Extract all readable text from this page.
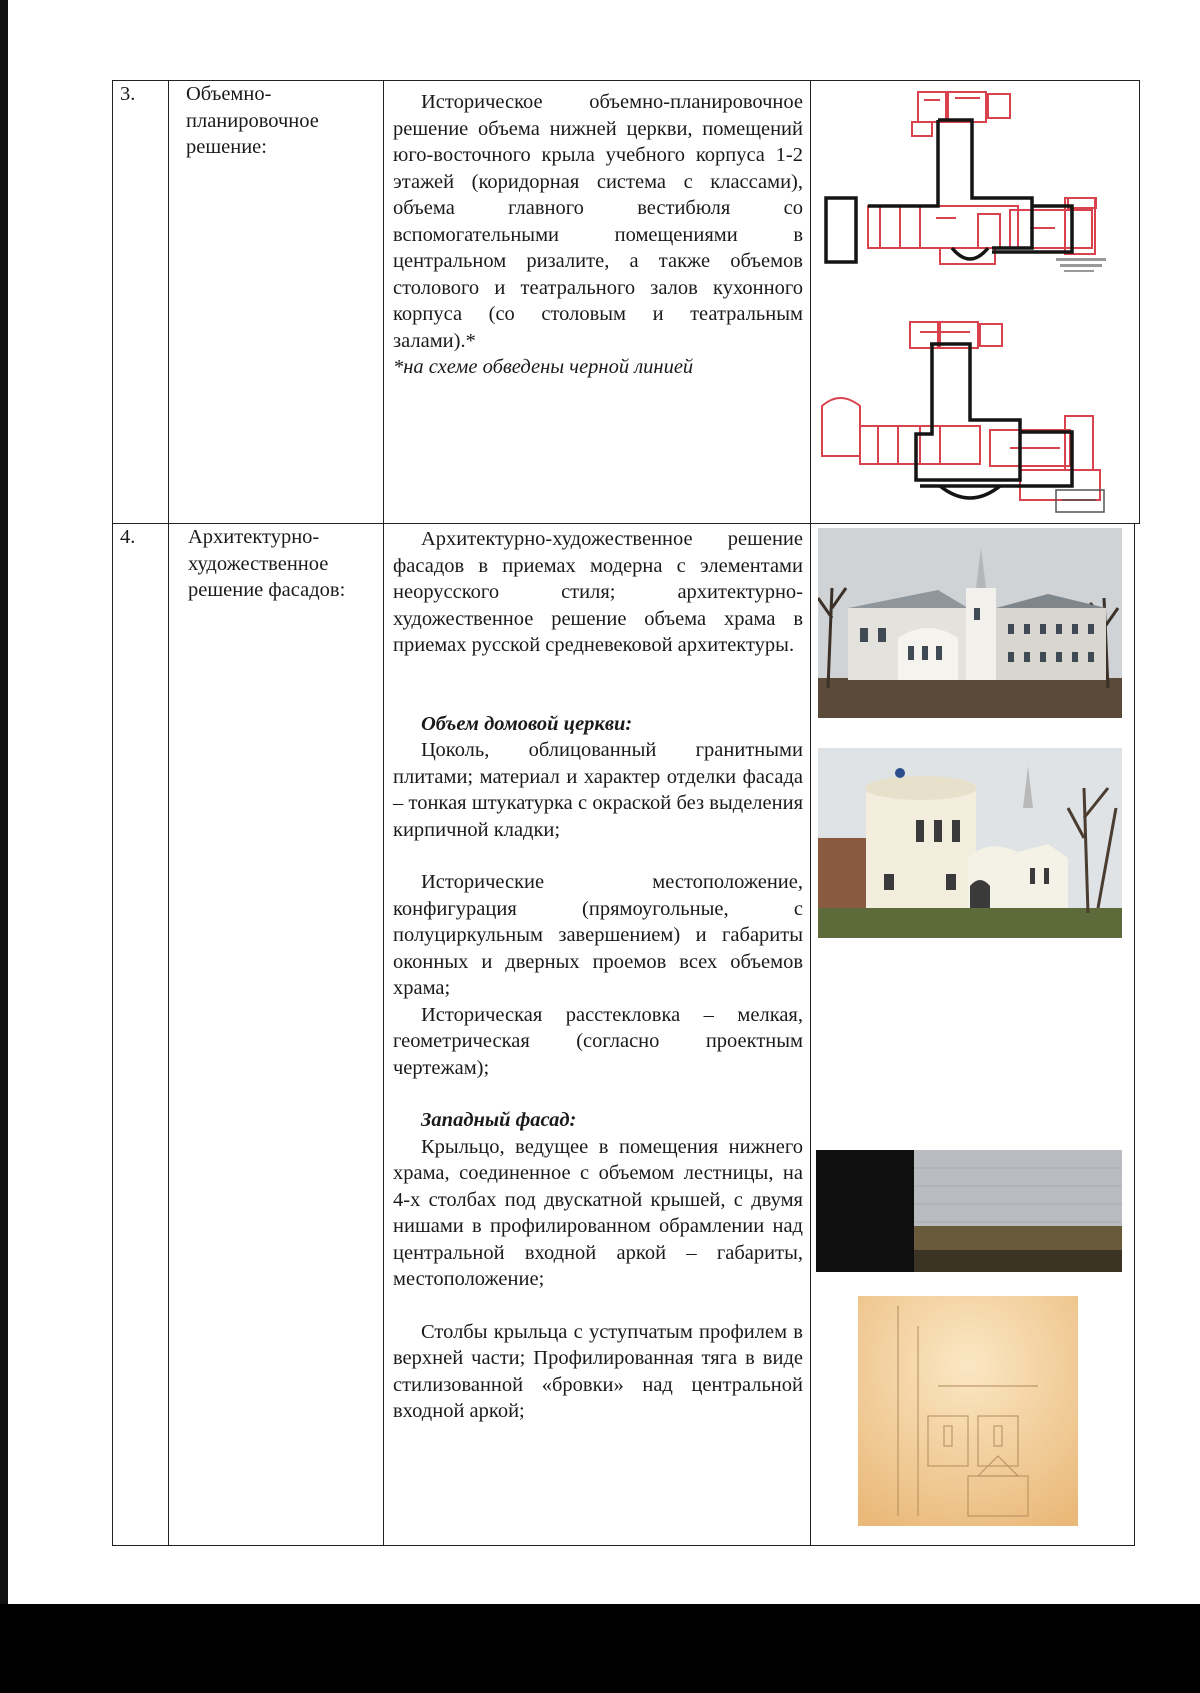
3.	Объемно-планировочное решение:

Историческое объемно-планировочное решение объема нижней церкви, помещений юго-восточного крыла учебного корпуса 1-2 этажей (коридорная система с классами), объема главного вестибюля со вспомогательными помещениями в центральном ризалите, а также объемов столового и театрального залов кухонного корпуса (со столовым и театральным залами).*

*на схеме обведены черной линией

4.	Архитектурно-художественное решение фасадов:

Архитектурно-художественное решение фасадов в приемах модерна с элементами неорусского стиля; архитектурно-художественное решение объема храма в приемах русской средневековой архитектуры.

Объем домовой церкви:

Цоколь, облицованный гранитными плитами; материал и характер отделки фасада – тонкая штукатурка с окраской без выделения кирпичной кладки;

Исторические местоположение, конфигурация (прямоугольные, с полуциркульным завершением) и габариты оконных и дверных проемов всех объемов храма;

Историческая расстекловка – мелкая, геометрическая (согласно проектным чертежам);

Западный фасад:

Крыльцо, ведущее в помещения нижнего храма, соединенное с объемом лестницы, на 4-х столбах под двускатной крышей, с двумя нишами в профилированном обрамлении над центральной входной аркой – габариты, местоположение;

Столбы крыльца с уступчатым профилем в верхней части; Профилированная тяга в виде стилизованной «бровки» над центральной входной аркой;
